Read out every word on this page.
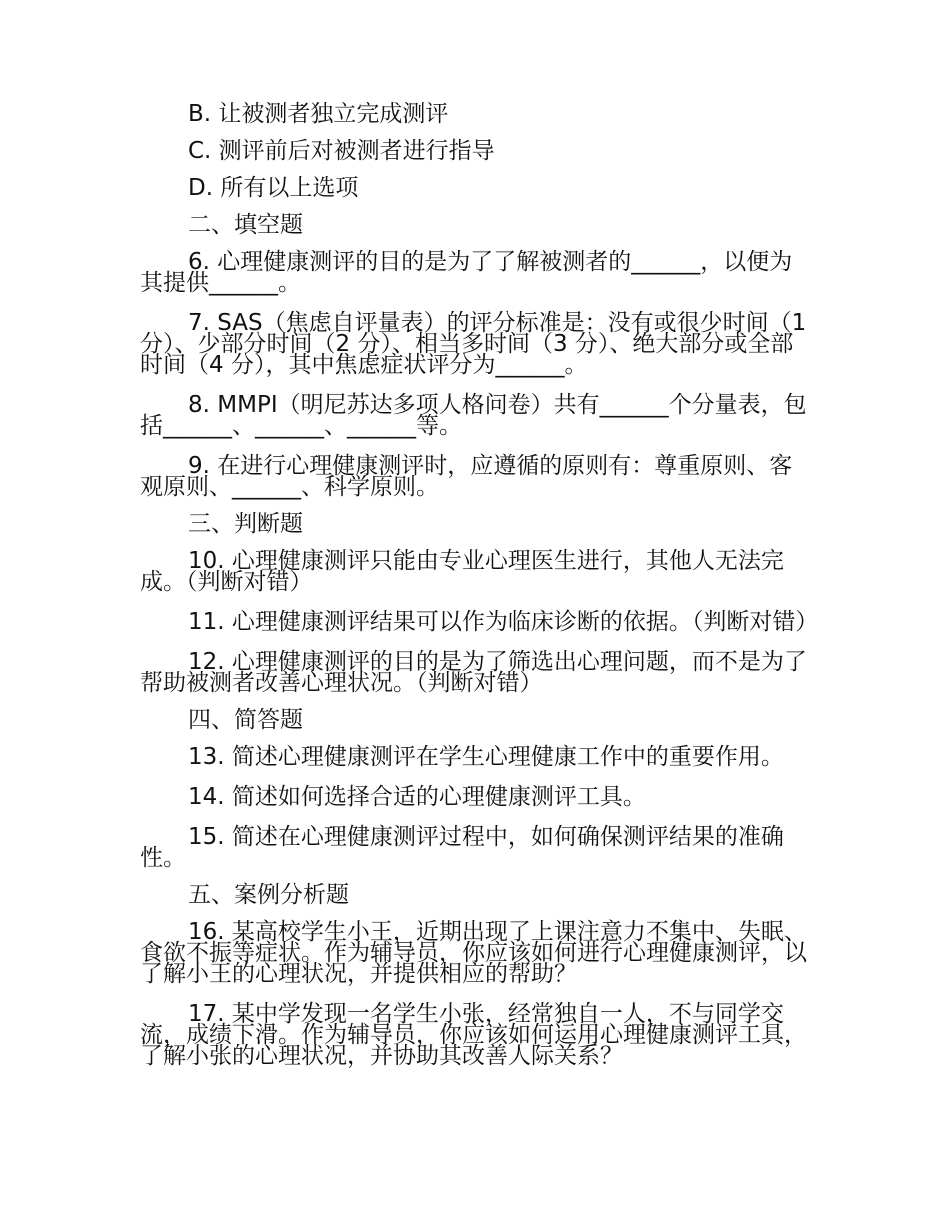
B. 让被测者独立完成测评

C. 测评前后对被测者进行指导

D. 所有以上选项

二、填空题

6. 心理健康测评的目的是为了了解被测者的______，以便为其提供______。

7. SAS（焦虑自评量表）的评分标准是：没有或很少时间（1 分）、少部分时间（2 分）、相当多时间（3 分）、绝大部分或全部时间（4 分），其中焦虑症状评分为______。

8. MMPI（明尼苏达多项人格问卷）共有______个分量表，包括______、______、______等。

9. 在进行心理健康测评时，应遵循的原则有：尊重原则、客观原则、______、科学原则。

三、判断题

10. 心理健康测评只能由专业心理医生进行，其他人无法完成。（判断对错）

11. 心理健康测评结果可以作为临床诊断的依据。（判断对错）

12. 心理健康测评的目的是为了筛选出心理问题，而不是为了帮助被测者改善心理状况。（判断对错）

四、简答题

13. 简述心理健康测评在学生心理健康工作中的重要作用。

14. 简述如何选择合适的心理健康测评工具。

15. 简述在心理健康测评过程中，如何确保测评结果的准确性。

五、案例分析题

16. 某高校学生小王，近期出现了上课注意力不集中、失眠、食欲不振等症状。作为辅导员，你应该如何进行心理健康测评，以了解小王的心理状况，并提供相应的帮助？

17. 某中学发现一名学生小张，经常独自一人，不与同学交流，成绩下滑。作为辅导员，你应该如何运用心理健康测评工具，了解小张的心理状况，并协助其改善人际关系？
